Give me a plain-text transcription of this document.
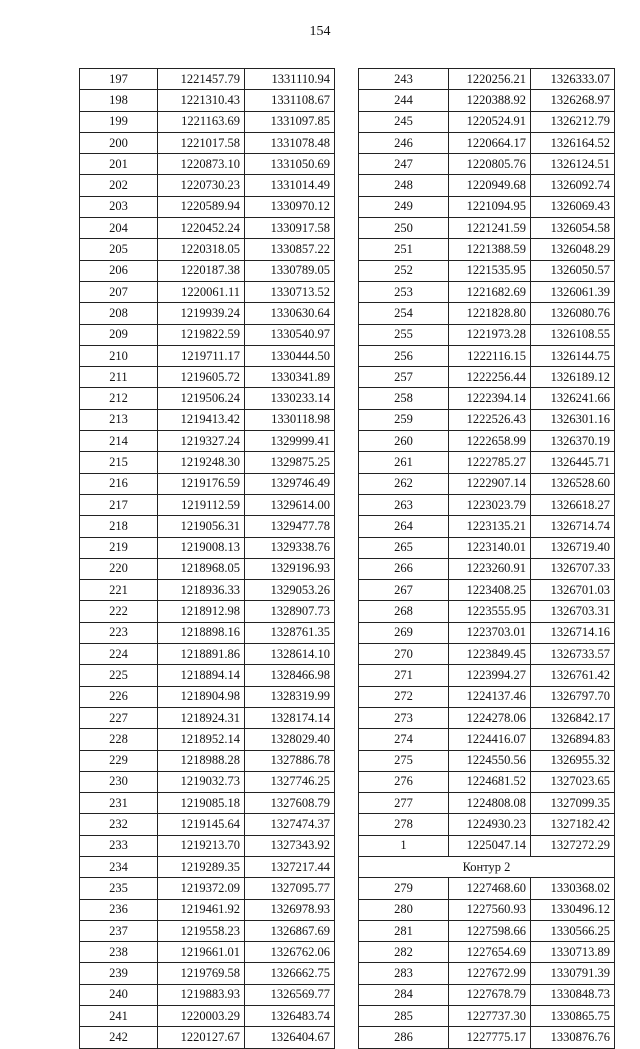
154
197	1221457.79	1331110.94
198	1221310.43	1331108.67
199	1221163.69	1331097.85
200	1221017.58	1331078.48
201	1220873.10	1331050.69
202	1220730.23	1331014.49
203	1220589.94	1330970.12
204	1220452.24	1330917.58
205	1220318.05	1330857.22
206	1220187.38	1330789.05
207	1220061.11	1330713.52
208	1219939.24	1330630.64
209	1219822.59	1330540.97
210	1219711.17	1330444.50
211	1219605.72	1330341.89
212	1219506.24	1330233.14
213	1219413.42	1330118.98
214	1219327.24	1329999.41
215	1219248.30	1329875.25
216	1219176.59	1329746.49
217	1219112.59	1329614.00
218	1219056.31	1329477.78
219	1219008.13	1329338.76
220	1218968.05	1329196.93
221	1218936.33	1329053.26
222	1218912.98	1328907.73
223	1218898.16	1328761.35
224	1218891.86	1328614.10
225	1218894.14	1328466.98
226	1218904.98	1328319.99
227	1218924.31	1328174.14
228	1218952.14	1328029.40
229	1218988.28	1327886.78
230	1219032.73	1327746.25
231	1219085.18	1327608.79
232	1219145.64	1327474.37
233	1219213.70	1327343.92
234	1219289.35	1327217.44
235	1219372.09	1327095.77
236	1219461.92	1326978.93
237	1219558.23	1326867.69
238	1219661.01	1326762.06
239	1219769.58	1326662.75
240	1219883.93	1326569.77
241	1220003.29	1326483.74
242	1220127.67	1326404.67
243	1220256.21	1326333.07
244	1220388.92	1326268.97
245	1220524.91	1326212.79
246	1220664.17	1326164.52
247	1220805.76	1326124.51
248	1220949.68	1326092.74
249	1221094.95	1326069.43
250	1221241.59	1326054.58
251	1221388.59	1326048.29
252	1221535.95	1326050.57
253	1221682.69	1326061.39
254	1221828.80	1326080.76
255	1221973.28	1326108.55
256	1222116.15	1326144.75
257	1222256.44	1326189.12
258	1222394.14	1326241.66
259	1222526.43	1326301.16
260	1222658.99	1326370.19
261	1222785.27	1326445.71
262	1222907.14	1326528.60
263	1223023.79	1326618.27
264	1223135.21	1326714.74
265	1223140.01	1326719.40
266	1223260.91	1326707.33
267	1223408.25	1326701.03
268	1223555.95	1326703.31
269	1223703.01	1326714.16
270	1223849.45	1326733.57
271	1223994.27	1326761.42
272	1224137.46	1326797.70
273	1224278.06	1326842.17
274	1224416.07	1326894.83
275	1224550.56	1326955.32
276	1224681.52	1327023.65
277	1224808.08	1327099.35
278	1224930.23	1327182.42
1	1225047.14	1327272.29
Контур 2		
279	1227468.60	1330368.02
280	1227560.93	1330496.12
281	1227598.66	1330566.25
282	1227654.69	1330713.89
283	1227672.99	1330791.39
284	1227678.79	1330848.73
285	1227737.30	1330865.75
286	1227775.17	1330876.76
